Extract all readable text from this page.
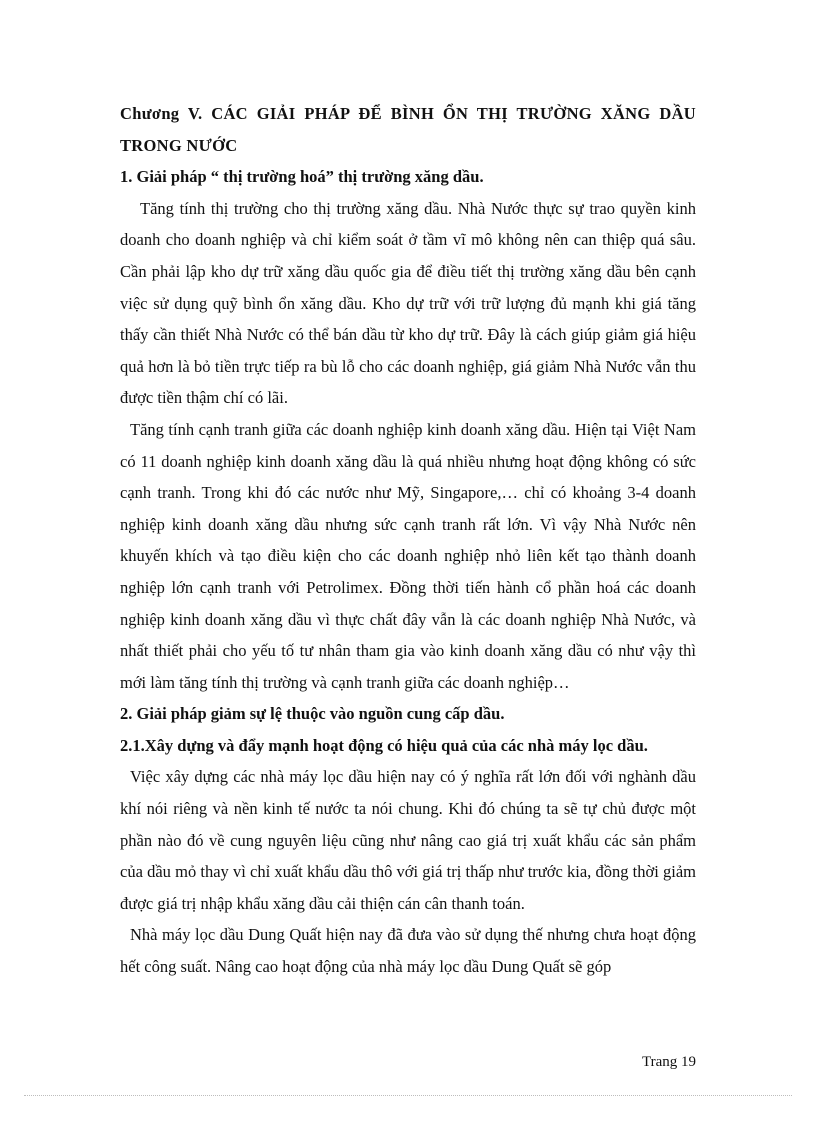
Chương V. CÁC GIẢI PHÁP ĐỂ BÌNH ỔN THỊ TRƯỜNG XĂNG DẦU TRONG NƯỚC

1. Giải pháp “ thị trường hoá” thị trường xăng dầu.

Tăng tính thị trường cho thị trường xăng dầu. Nhà Nước thực sự trao quyền kinh doanh cho doanh nghiệp và chỉ kiểm soát ở tầm vĩ mô không nên can thiệp quá sâu. Cần phải lập kho dự trữ xăng dầu quốc gia để điều tiết thị trường xăng dầu bên cạnh việc sử dụng quỹ bình ổn xăng dầu. Kho dự trữ với trữ lượng đủ mạnh khi giá tăng thấy cần thiết Nhà Nước có thể bán dầu từ kho dự trữ. Đây là cách giúp giảm giá hiệu quả hơn là bỏ tiền trực tiếp ra bù lỗ cho các doanh nghiệp, giá giảm Nhà Nước vẫn thu được tiền thậm chí có lãi.

Tăng tính cạnh tranh giữa các doanh nghiệp kinh doanh xăng dầu. Hiện tại Việt Nam có 11 doanh nghiệp kinh doanh xăng dầu là quá nhiều nhưng hoạt động không có sức cạnh tranh. Trong khi đó các nước như Mỹ, Singapore,… chỉ có khoảng 3-4 doanh nghiệp kinh doanh xăng dầu nhưng sức cạnh tranh rất lớn. Vì vậy Nhà Nước nên khuyến khích và tạo điều kiện cho các doanh nghiệp nhỏ liên kết tạo thành doanh nghiệp lớn cạnh tranh với Petrolimex. Đồng thời tiến hành cổ phần hoá các doanh nghiệp kinh doanh xăng dầu vì thực chất đây vẫn là các doanh nghiệp Nhà Nước, và nhất thiết phải cho yếu tố tư nhân tham gia vào kinh doanh xăng dầu có như vậy thì mới làm tăng tính thị trường và cạnh tranh giữa các doanh nghiệp…

2. Giải pháp giảm sự lệ thuộc vào nguồn cung cấp dầu.

2.1.Xây dựng và đẩy mạnh hoạt động có hiệu quả của các nhà máy lọc dầu.

Việc xây dựng các nhà máy lọc dầu hiện nay có ý nghĩa rất lớn đối với nghành dầu khí nói riêng và nền kinh tế nước ta nói chung. Khi đó chúng ta sẽ tự chủ được một phần nào đó về cung nguyên liệu cũng như nâng cao giá trị xuất khẩu các sản phẩm của dầu mỏ thay vì chỉ xuất khẩu dầu thô với giá trị thấp như trước kia, đồng thời giảm được giá trị nhập khẩu xăng dầu cải thiện cán cân thanh toán.

Nhà máy lọc dầu Dung Quất hiện nay đã đưa vào sử dụng thế nhưng chưa hoạt động hết công suất. Nâng cao hoạt động của nhà máy lọc dầu Dung Quất sẽ góp

Trang 19
